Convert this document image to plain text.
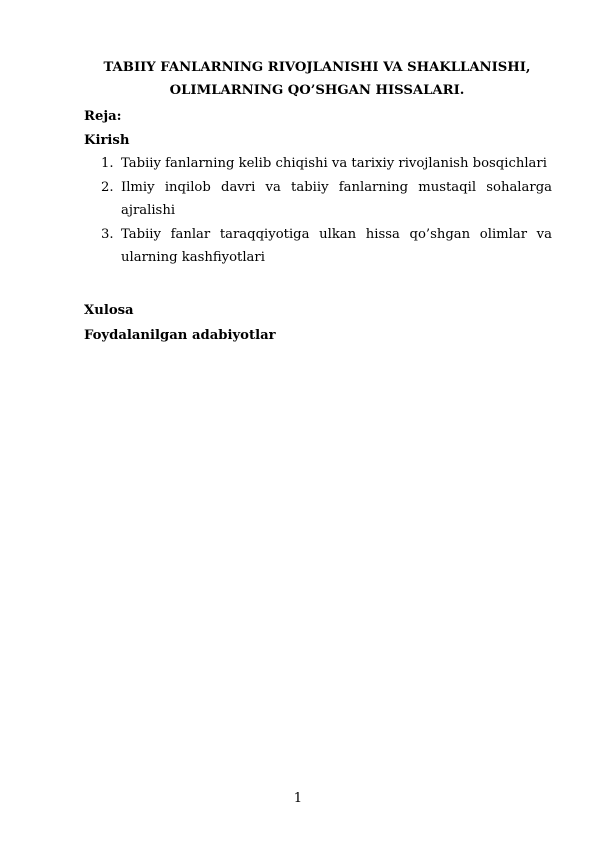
TABIIY FANLARNING RIVOJLANISHI VA SHAKLLANISHI,
OLIMLARNING QO’SHGAN HISSALARI.

Reja:

Kirish

1. Tabiiy fanlarning kelib chiqishi va tarixiy rivojlanish bosqichlari
2. Ilmiy inqilob davri va tabiiy fanlarning mustaqil sohalarga ajralishi
3. Tabiiy fanlar taraqqiyotiga ulkan hissa qo’shgan olimlar va ularning kashfiyotlari

Xulosa

Foydalanilgan adabiyotlar

1
